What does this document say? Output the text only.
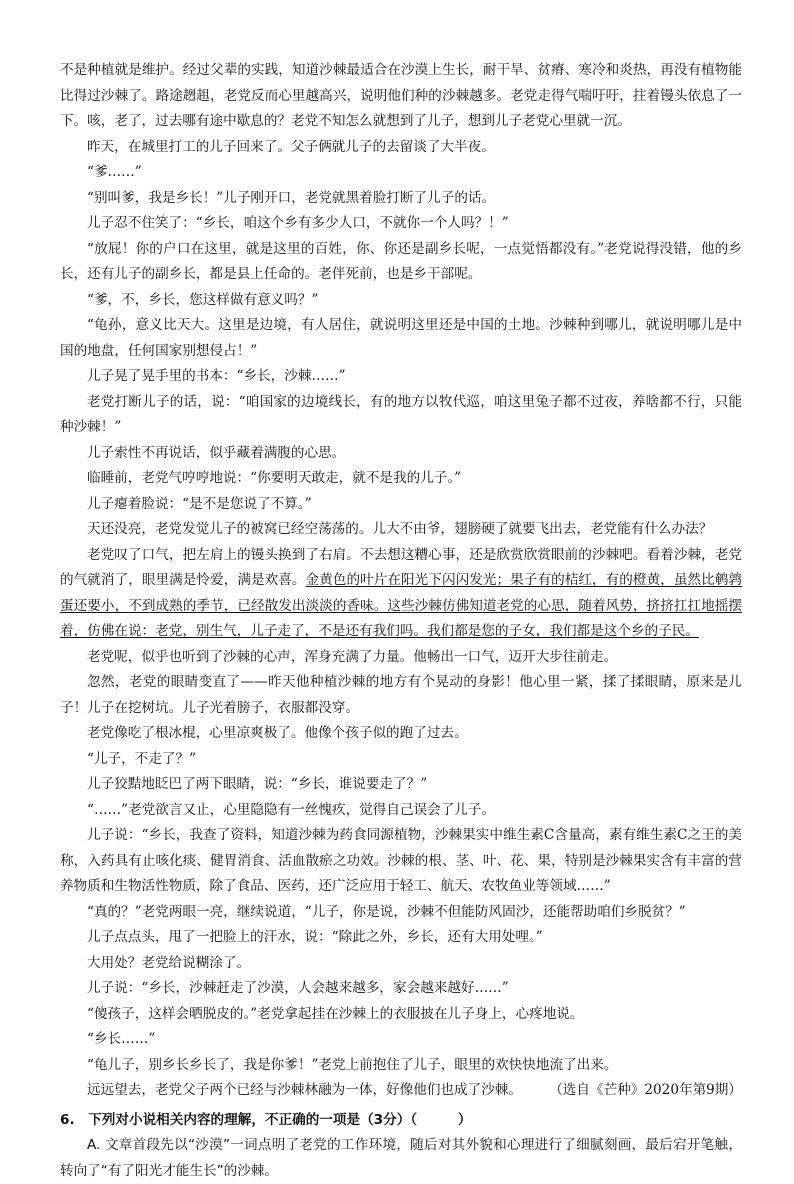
不是种植就是维护。经过父辈的实践，知道沙棘最适合在沙漠上生长，耐干旱、贫瘠、寒冷和炎热，再没有植物能比得过沙棘了。路途趔趄，老党反而心里越高兴，说明他们种的沙棘越多。老党走得气喘吁吁，拄着镘头依息了一下。咳，老了，过去哪有途中歇息的？老党不知怎么就想到了儿子，想到儿子老党心里就一沉。

昨天，在城里打工的儿子回来了。父子俩就儿子的去留谈了大半夜。

“爹……”

“别叫爹，我是乡长！”儿子刚开口，老党就黑着脸打断了儿子的话。

儿子忍不住笑了：“乡长，咱这个乡有多少人口，不就你一个人吗？！”

“放屁！你的户口在这里，就是这里的百姓，你、你还是副乡长呢，一点觉悟都没有。”老党说得没错，他的乡长，还有儿子的副乡长，都是县上任命的。老伴死前，也是乡干部呢。

“爹，不，乡长，您这样做有意义吗？”

“龟孙，意义比天大。这里是边境，有人居住，就说明这里还是中国的土地。沙棘种到哪儿，就说明哪儿是中国的地盘，任何国家别想侵占！”

儿子晃了晃手里的书本：“乡长，沙棘……”

老党打断儿子的话，说：“咱国家的边境线长，有的地方以牧代巡，咱这里兔子都不过夜，养啥都不行，只能种沙棘！”

儿子索性不再说话，似乎藏着满腹的心思。

临睡前，老党气哼哼地说：“你要明天敢走，就不是我的儿子。”

儿子瘪着脸说：“是不是您说了不算。”

天还没亮，老党发觉儿子的被窝已经空荡荡的。儿大不由爷，翅膀硬了就要飞出去，老党能有什么办法？

老党叹了口气，把左肩上的镘头换到了右肩。不去想这糟心事，还是欣赏欣赏眼前的沙棘吧。看着沙棘，老党的气就消了，眼里满是怜爱，满是欢喜。金黄色的叶片在阳光下闪闪发光；果子有的桔红，有的橙黄，虽然比鹌鹑蛋还要小，不到成熟的季节，已经散发出淡淡的香味。这些沙棘仿佛知道老党的心思，随着风势，挤挤扛扛地摇摆着，仿佛在说：老党，别生气，儿子走了，不是还有我们吗。我们都是您的子女，我们都是这个乡的子民。

老党呢，似乎也听到了沙棘的心声，浑身充满了力量。他畅出一口气，迈开大步往前走。

忽然，老党的眼睛变直了——昨天他种植沙棘的地方有个晃动的身影！他心里一紧，揉了揉眼睛，原来是儿子！儿子在挖树坑。儿子光着膀子，衣服都没穿。

老党像吃了根冰棍，心里凉爽极了。他像个孩子似的跑了过去。

“儿子，不走了？”

儿子狡黠地眨巴了两下眼睛，说：“乡长，谁说要走了？”

“……”老党欲言又止，心里隐隐有一丝愧疚，觉得自己误会了儿子。

儿子说：“乡长，我查了资料，知道沙棘为药食同源植物，沙棘果实中维生素C含量高，素有维生素C之王的美称，入药具有止咳化痰、健胃消食、活血散瘀之功效。沙棘的根、茎、叶、花、果，特别是沙棘果实含有丰富的营养物质和生物活性物质，除了食品、医药，还广泛应用于轻工、航天、农牧鱼业等领域……”

“真的？”老党两眼一亮，继续说道，“儿子，你是说，沙棘不但能防风固沙，还能帮助咱们乡脱贫？”

儿子点点头，甩了一把脸上的汗水，说：“除此之外，乡长，还有大用处哩。”

大用处？老党给说糊涂了。

儿子说：“乡长，沙棘赶走了沙漠，人会越来越多，家会越来越好……”

“傻孩子，这样会晒脱皮的。”老党拿起挂在沙棘上的衣服披在儿子身上，心疼地说。

“乡长……”

“龟儿子，别乡长乡长了，我是你爹！”老党上前抱住了儿子，眼里的欢快快地流了出来。

远远望去，老党父子两个已经与沙棘林融为一体，好像他们也成了沙棘。	（选自《芒种》2020年第9期）

6.　下列对小说相关内容的理解，不正确的一项是（3分）（　　　）

A. 文章首段先以“沙漠”一词点明了老党的工作环境，随后对其外貌和心理进行了细腻刻画，最后宕开笔触，转向了“有了阳光才能生长”的沙棘。
